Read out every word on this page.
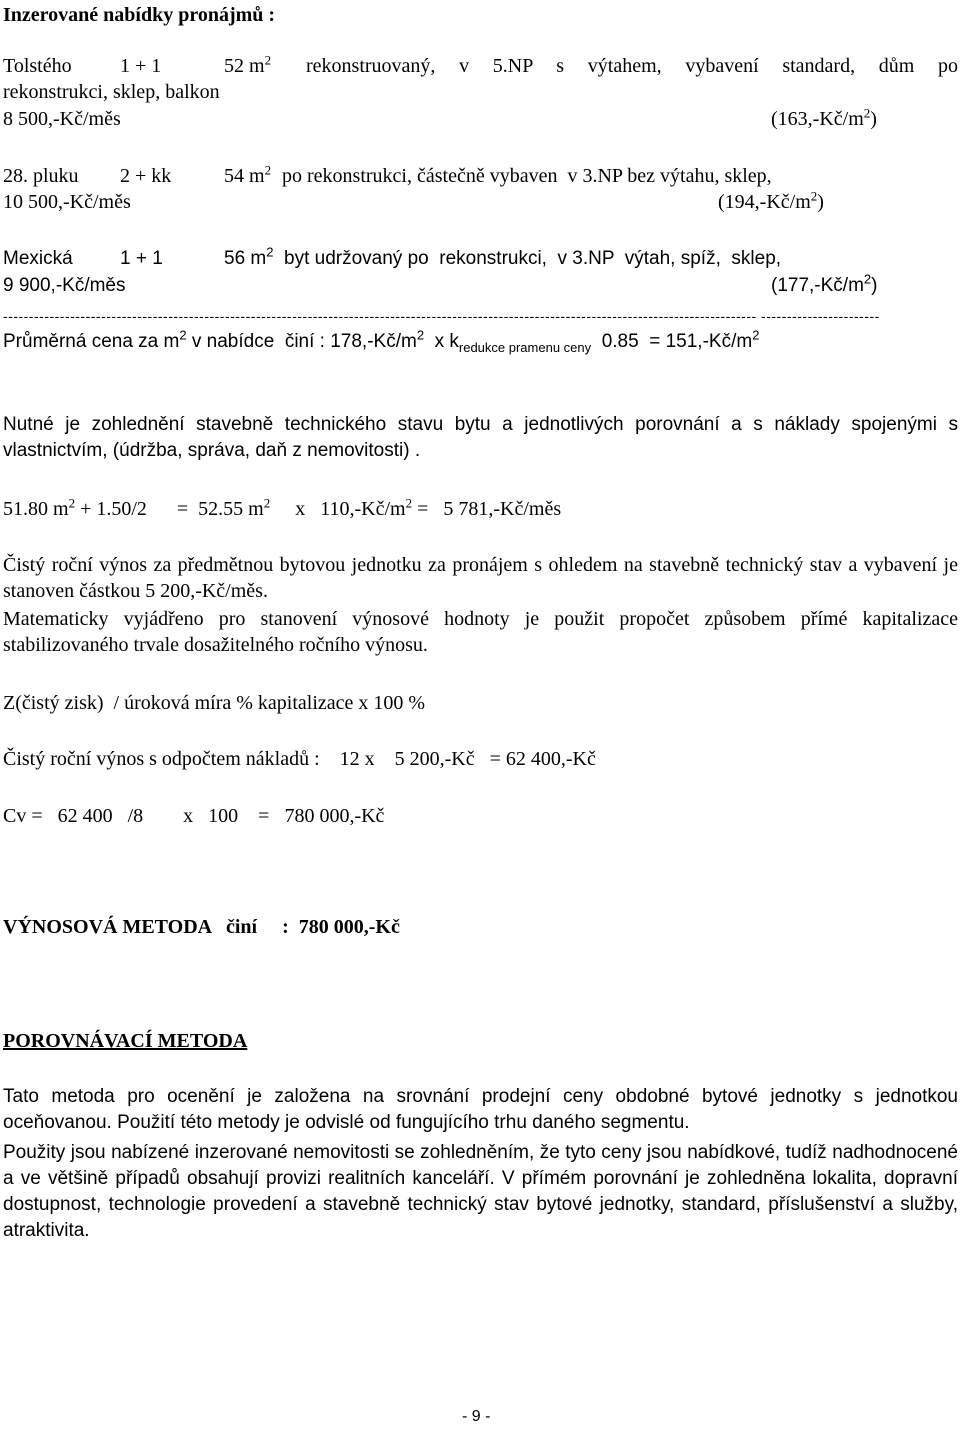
Inzerované nabídky pronájmů :
Tolstého 1 + 1	52 $m^2$ rekonstruovaný, v 5.NP s výtahem, vybavení standard, dům po
rekonstrukci, sklep, balkon
8 500,-Kč/měs	$(163,-Kč/m^2)$
28. pluku 2 + kk	54 $m^2$ po rekonstrukci, částečně vybaven  v 3.NP bez výtahu, sklep,
10 500,-Kč/měs	$(194,-Kč/m^2)$
Mexická 1 + 1	56 $m^2$ byt udržovaný po  rekonstrukci,  v 3.NP  výtah, spíž,  sklep,
9 900,-Kč/měs	$(177,-Kč/m^2)$
-------------------------------------------------------------------------------------------------------------------------------------------------- -----------------------
Průměrná cena za $m^2$ v nabídce  činí : $178,-Kč/m^2$  x $k_{redukce pramenu ceny}$  $0.85 = 151,-Kč/m^2$
Nutné je zohlednění stavebně technického stavu bytu a jednotlivých porovnání a s náklady spojenými s vlastnictvím, (údržba, správa, daň z nemovitosti) .
51.80 $m^2 + 1.50/2$      =  52.55 $m^2$     x   $110,-Kč/m^2 = 5$ 781,-Kč/měs
Čistý roční výnos za předmětnou bytovou jednotku za pronájem s ohledem na stavebně technický stav a vybavení je stanoven částkou 5 200,-Kč/měs.
Matematicky vyjádřeno pro stanovení výnosové hodnoty je použit propočet způsobem přímé kapitalizace stabilizovaného trvale dosažitelného ročního výnosu.
Z(čistý zisk)  / úroková míra % kapitalizace x 100 %
Čistý roční výnos s odpočtem nákladů :    12 x    5 200,-Kč   = 62 400,-Kč
Cv =   62 400   /8        x   100    =   780 000,-Kč
VÝNOSOVÁ METODA   činí     :  780 000,-Kč
POROVNÁVACÍ METODA
Tato metoda pro ocenění je založena na srovnání prodejní ceny obdobné bytové jednotky s jednotkou oceňovanou. Použití této metody je odvislé od fungujícího trhu daného segmentu.
Použity jsou nabízené inzerované nemovitosti se zohledněním, že tyto ceny jsou nabídkové, tudíž nadhodnocené a ve většině případů obsahují provizi realitních kanceláří. V přímém porovnání je zohledněna lokalita, dopravní dostupnost, technologie provedení a stavebně technický stav bytové jednotky, standard, příslušenství a služby, atraktivita.
- 9 -
